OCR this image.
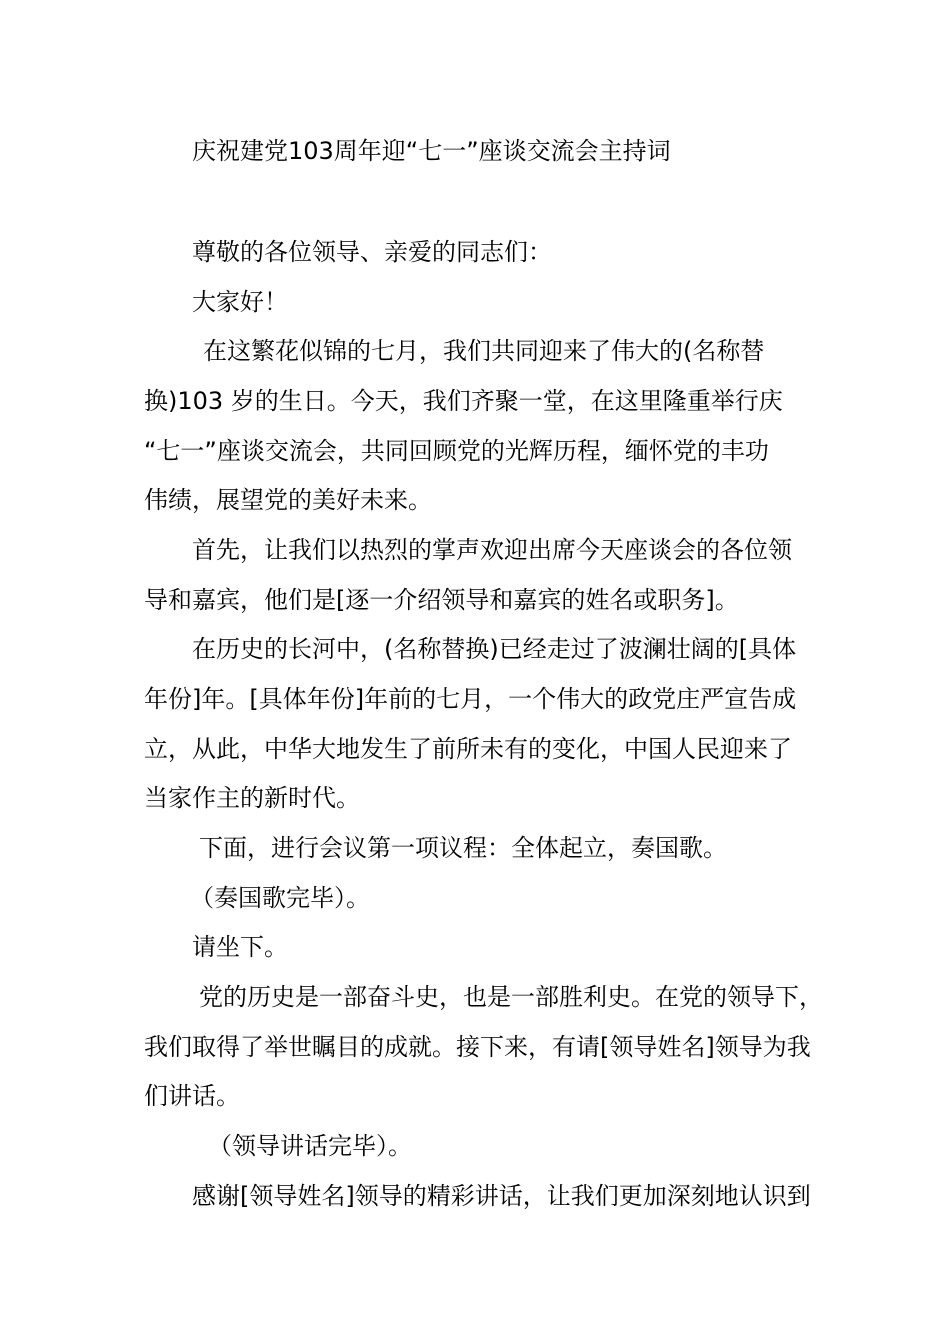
庆祝建党103周年迎“七一”座谈交流会主持词
尊敬的各位领导、亲爱的同志们：
大家好！
在这繁花似锦的七月，我们共同迎来了伟大的(名称替
换)103 岁的生日。今天，我们齐聚一堂，在这里隆重举行庆
“七一”座谈交流会，共同回顾党的光辉历程，缅怀党的丰功
伟绩，展望党的美好未来。
首先，让我们以热烈的掌声欢迎出席今天座谈会的各位领
导和嘉宾，他们是[逐一介绍领导和嘉宾的姓名或职务]。
在历史的长河中，(名称替换)已经走过了波澜壮阔的[具体
年份]年。[具体年份]年前的七月，一个伟大的政党庄严宣告成
立，从此，中华大地发生了前所未有的变化，中国人民迎来了
当家作主的新时代。
下面，进行会议第一项议程：全体起立，奏国歌。
（奏国歌完毕）。
请坐下。
党的历史是一部奋斗史，也是一部胜利史。在党的领导下，
我们取得了举世瞩目的成就。接下来，有请[领导姓名]领导为我
们讲话。
（领导讲话完毕）。
感谢[领导姓名]领导的精彩讲话，让我们更加深刻地认识到
